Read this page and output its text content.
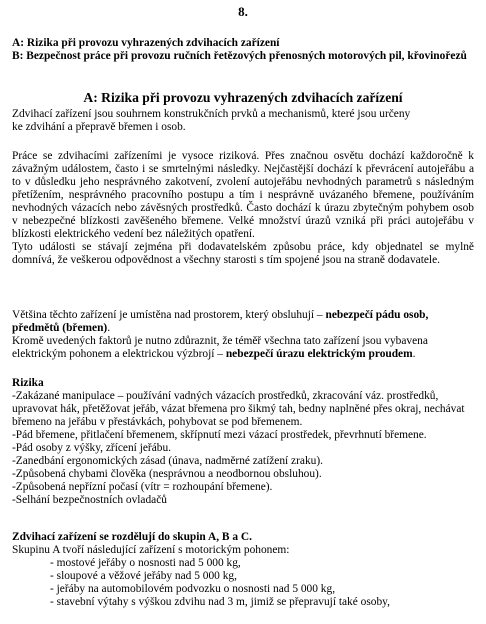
8.

A: Rizika při provozu vyhrazených zdvihacích zařízení

B: Bezpečnost práce při provozu ručních řetězových přenosných motorových pil, křovinořezů

A: Rizika při provozu vyhrazených zdvihacích zařízení

Zdvihací zařízení jsou souhrnem konstrukčních prvků a mechanismů, které jsou určeny

ke zdvihání a přepravě břemen i osob.

Práce se zdvihacími zařízeními je vysoce riziková. Přes značnou osvětu dochází každoročně k závažným událostem, často i se smrtelnými následky. Nejčastější dochází k převrácení autojeřábu a to v důsledku jeho nesprávného zakotvení, zvolení autojeřábu nevhodných parametrů s následným přetížením, nesprávného pracovního postupu a tím i nesprávně uvázaného břemene, používáním nevhodných vázacích nebo závěsných prostředků. Často dochází k úrazu zbytečným pohybem osob v nebezpečné blízkosti zavěšeného břemene. Velké množství úrazů vzniká při práci autojeřábu v blízkosti elektrického vedení bez náležitých opatření.

Tyto události se stávají zejména při dodavatelském způsobu práce, kdy objednatel se mylně domnívá, že veškerou odpovědnost a všechny starosti s tím spojené jsou na straně dodavatele.

Většina těchto zařízení je umístěna nad prostorem, který obsluhují – nebezpečí pádu osob, předmětů (břemen).

Kromě uvedených faktorů je nutno zdůraznit, že téměř všechna tato zařízení jsou vybavena elektrickým pohonem a elektrickou výzbrojí – nebezpečí úrazu elektrickým proudem.

Rizika

-Zakázané manipulace – používání vadných vázacích prostředků, zkracování váz. prostředků, upravovat hák, přetěžovat jeřáb, vázat břemena pro šikmý tah, bedny naplněné přes okraj, nechávat břemeno na jeřábu v přestávkách, pohybovat se pod břemenem.

-Pád břemene, přitlačení břemenem, skřípnutí mezi vázací prostředek, převrhnutí břemene.

-Pád osoby z výšky, zřícení jeřábu.

-Zanedbání ergonomických zásad (únava, nadměrné zatížení zraku).

-Způsobená chybami člověka (nesprávnou a neodbornou obsluhou).

-Způsobená nepřízní počasí (vítr = rozhoupání břemene).

-Selhání bezpečnostních ovladačů

Zdvihací zařízení se rozdělují do skupin A, B a C.

Skupinu A tvoří následující zařízení s motorickým pohonem:

- mostové jeřáby o nosnosti nad 5 000 kg,

- sloupové a věžové jeřáby nad 5 000 kg,

- jeřáby na automobilovém podvozku o nosnosti nad 5 000 kg,

- stavební výtahy s výškou zdvihu nad 3 m, jimiž se přepravují také osoby,
